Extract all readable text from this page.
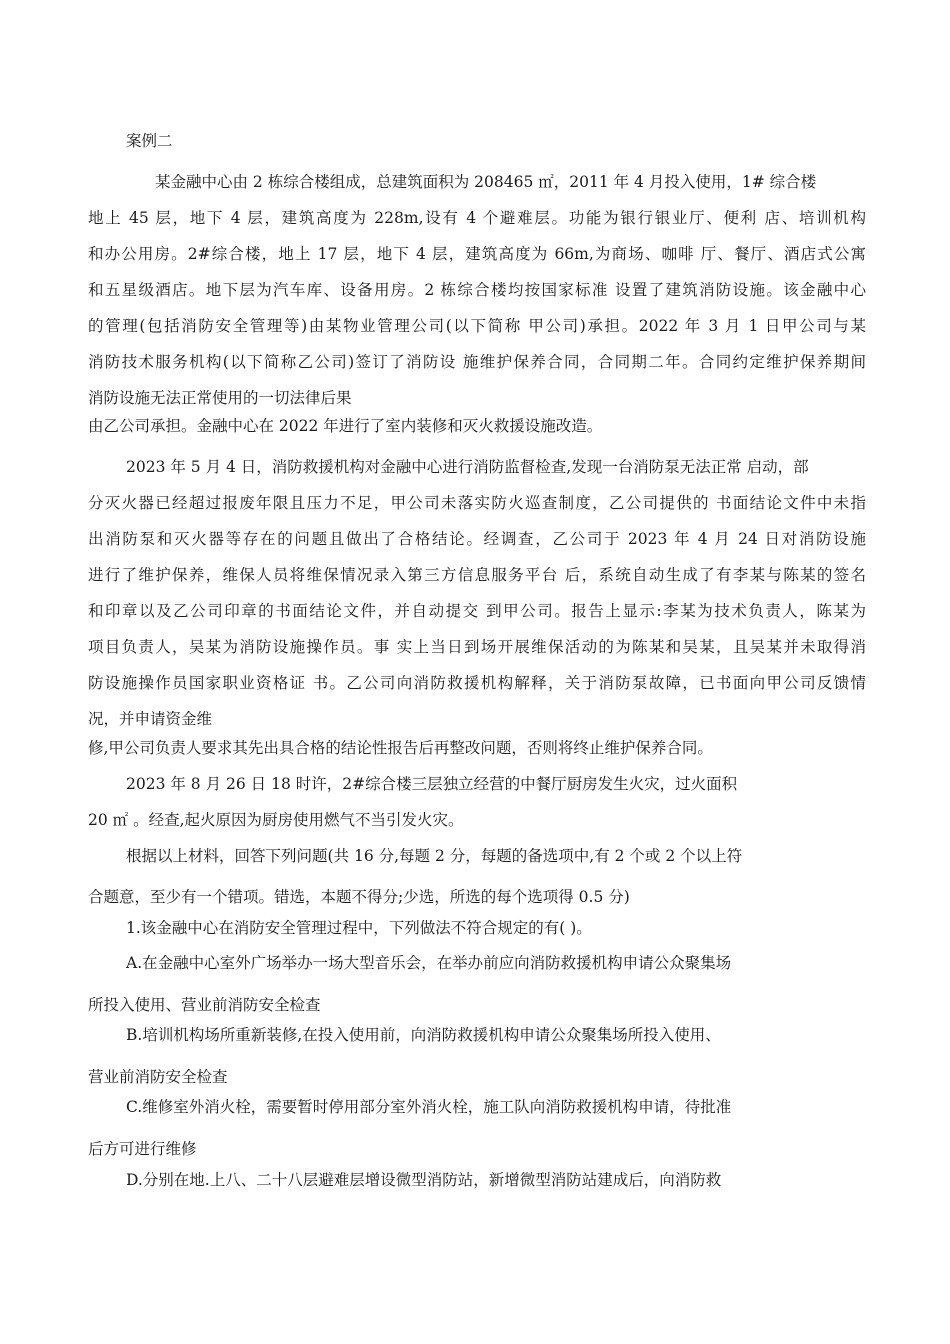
案例二
某金融中心由 2 栋综合楼组成，总建筑面积为 208465 ㎡，2011 年 4 月投入使用，1# 综合楼
地上 45 层，地下 4 层，建筑高度为 228m,设有 4 个避难层。功能为银行银业厅、便利 店、培训机构
和办公用房。2#综合楼，地上 17 层，地下 4 层，建筑高度为 66m,为商场、咖啡 厅、餐厅、酒店式公寓
和五星级酒店。地下层为汽车库、设备用房。2 栋综合楼均按国家标准 设置了建筑消防设施。该金融中心
的管理(包括消防安全管理等)由某物业管理公司(以下简称 甲公司)承担。2022 年 3 月 1 日甲公司与某
消防技术服务机构(以下简称乙公司)签订了消防设 施维护保养合同，合同期二年。合同约定维护保养期间
消防设施无法正常使用的一切法律后果
由乙公司承担。金融中心在 2022 年进行了室内装修和灭火救援设施改造。
2023 年 5 月 4 日，消防救援机构对金融中心进行消防监督检查,发现一台消防泵无法正常 启动，部
分灭火器已经超过报废年限且压力不足，甲公司未落实防火巡查制度，乙公司提供的 书面结论文件中未指
出消防泵和灭火器等存在的问题且做出了合格结论。经调查，乙公司于 2023 年 4 月 24 日对消防设施
进行了维护保养，维保人员将维保情况录入第三方信息服务平台 后，系统自动生成了有李某与陈某的签名
和印章以及乙公司印章的书面结论文件，并自动提交 到甲公司。报告上显示:李某为技术负责人，陈某为
项目负责人，吴某为消防设施操作员。事 实上当日到场开展维保活动的为陈某和吴某，且吴某并未取得消
防设施操作员国家职业资格证 书。乙公司向消防救援机构解释，关于消防泵故障，已书面向甲公司反馈情
况，并申请资金维
修,甲公司负责人要求其先出具合格的结论性报告后再整改问题，否则将终止维护保养合同。
2023 年 8 月 26 日 18 时许，2#综合楼三层独立经营的中餐厅厨房发生火灾，过火面积
20 ㎡ 。经查,起火原因为厨房使用燃气不当引发火灾。
根据以上材料，回答下列问题(共 16 分,每题 2 分，每题的备选项中,有 2 个或 2 个以上符
合题意，至少有一个错项。错选，本题不得分;少选，所选的每个选项得 0.5 分)
1.该金融中心在消防安全管理过程中，下列做法不符合规定的有( )。
A.在金融中心室外广场举办一场大型音乐会，在举办前应向消防救援机构申请公众聚集场
所投入使用、营业前消防安全检查
B.培训机构场所重新装修,在投入使用前，向消防救援机构申请公众聚集场所投入使用、
营业前消防安全检查
C.维修室外消火栓，需要暂时停用部分室外消火栓，施工队向消防救援机构申请，待批准
后方可进行维修
D.分别在地.上八、二十八层避难层增设微型消防站，新增微型消防站建成后，向消防救
